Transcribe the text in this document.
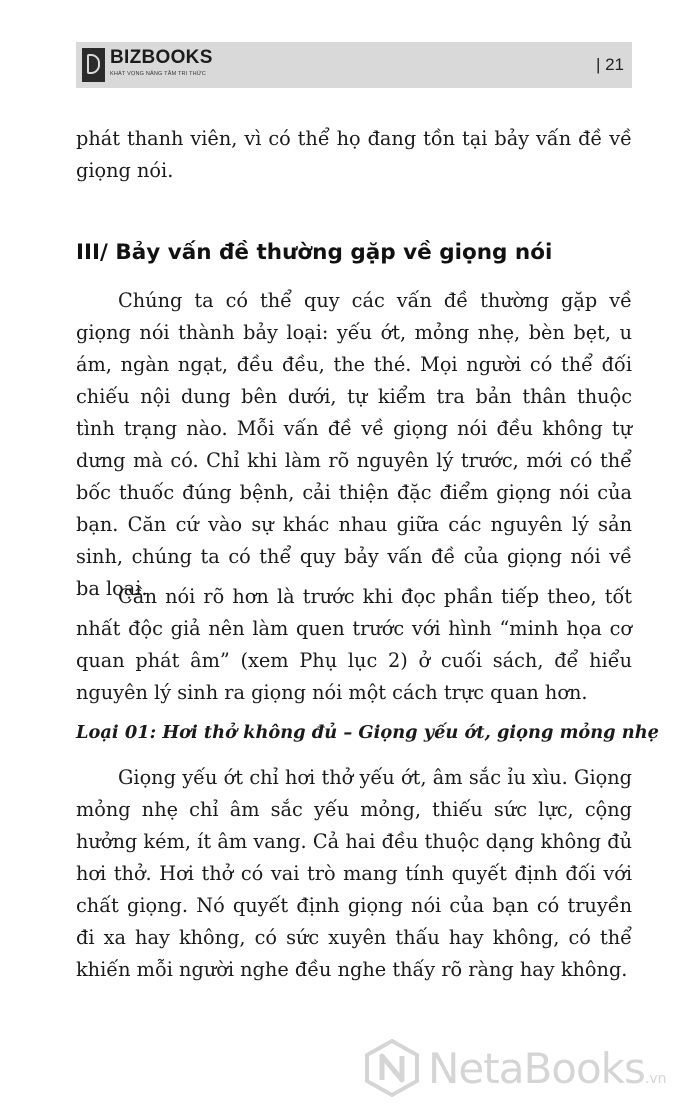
BIZBOOKS
KHÁT VỌNG NÂNG TẦM TRI THỨC	| 21

phát thanh viên, vì có thể họ đang tồn tại bảy vấn đề về giọng nói.

III/ Bảy vấn đề thường gặp về giọng nói

Chúng ta có thể quy các vấn đề thường gặp về giọng nói thành bảy loại: yếu ớt, mỏng nhẹ, bèn bẹt, u ám, ngàn ngạt, đều đều, the thé. Mọi người có thể đối chiếu nội dung bên dưới, tự kiểm tra bản thân thuộc tình trạng nào. Mỗi vấn đề về giọng nói đều không tự dưng mà có. Chỉ khi làm rõ nguyên lý trước, mới có thể bốc thuốc đúng bệnh, cải thiện đặc điểm giọng nói của bạn. Căn cứ vào sự khác nhau giữa các nguyên lý sản sinh, chúng ta có thể quy bảy vấn đề của giọng nói về ba loại.

Cần nói rõ hơn là trước khi đọc phần tiếp theo, tốt nhất độc giả nên làm quen trước với hình “minh họa cơ quan phát âm” (xem Phụ lục 2) ở cuối sách, để hiểu nguyên lý sinh ra giọng nói một cách trực quan hơn.

Loại 01: Hơi thở không đủ – Giọng yếu ớt, giọng mỏng nhẹ

Giọng yếu ớt chỉ hơi thở yếu ớt, âm sắc ỉu xìu. Giọng mỏng nhẹ chỉ âm sắc yếu mỏng, thiếu sức lực, cộng hưởng kém, ít âm vang. Cả hai đều thuộc dạng không đủ hơi thở. Hơi thở có vai trò mang tính quyết định đối với chất giọng. Nó quyết định giọng nói của bạn có truyền đi xa hay không, có sức xuyên thấu hay không, có thể khiến mỗi người nghe đều nghe thấy rõ ràng hay không.

NetaBooks.vn
